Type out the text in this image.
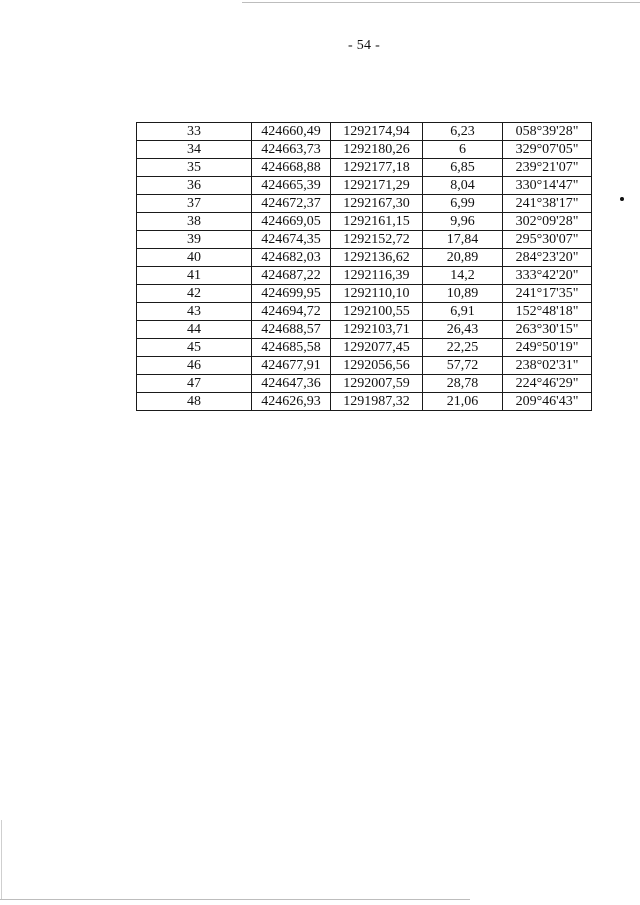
- 54 -
33	424660,49	1292174,94	6,23	058°39'28"
34	424663,73	1292180,26	6	329°07'05"
35	424668,88	1292177,18	6,85	239°21'07"
36	424665,39	1292171,29	8,04	330°14'47"
37	424672,37	1292167,30	6,99	241°38'17"
38	424669,05	1292161,15	9,96	302°09'28"
39	424674,35	1292152,72	17,84	295°30'07"
40	424682,03	1292136,62	20,89	284°23'20"
41	424687,22	1292116,39	14,2	333°42'20"
42	424699,95	1292110,10	10,89	241°17'35"
43	424694,72	1292100,55	6,91	152°48'18"
44	424688,57	1292103,71	26,43	263°30'15"
45	424685,58	1292077,45	22,25	249°50'19"
46	424677,91	1292056,56	57,72	238°02'31"
47	424647,36	1292007,59	28,78	224°46'29"
48	424626,93	1291987,32	21,06	209°46'43"
